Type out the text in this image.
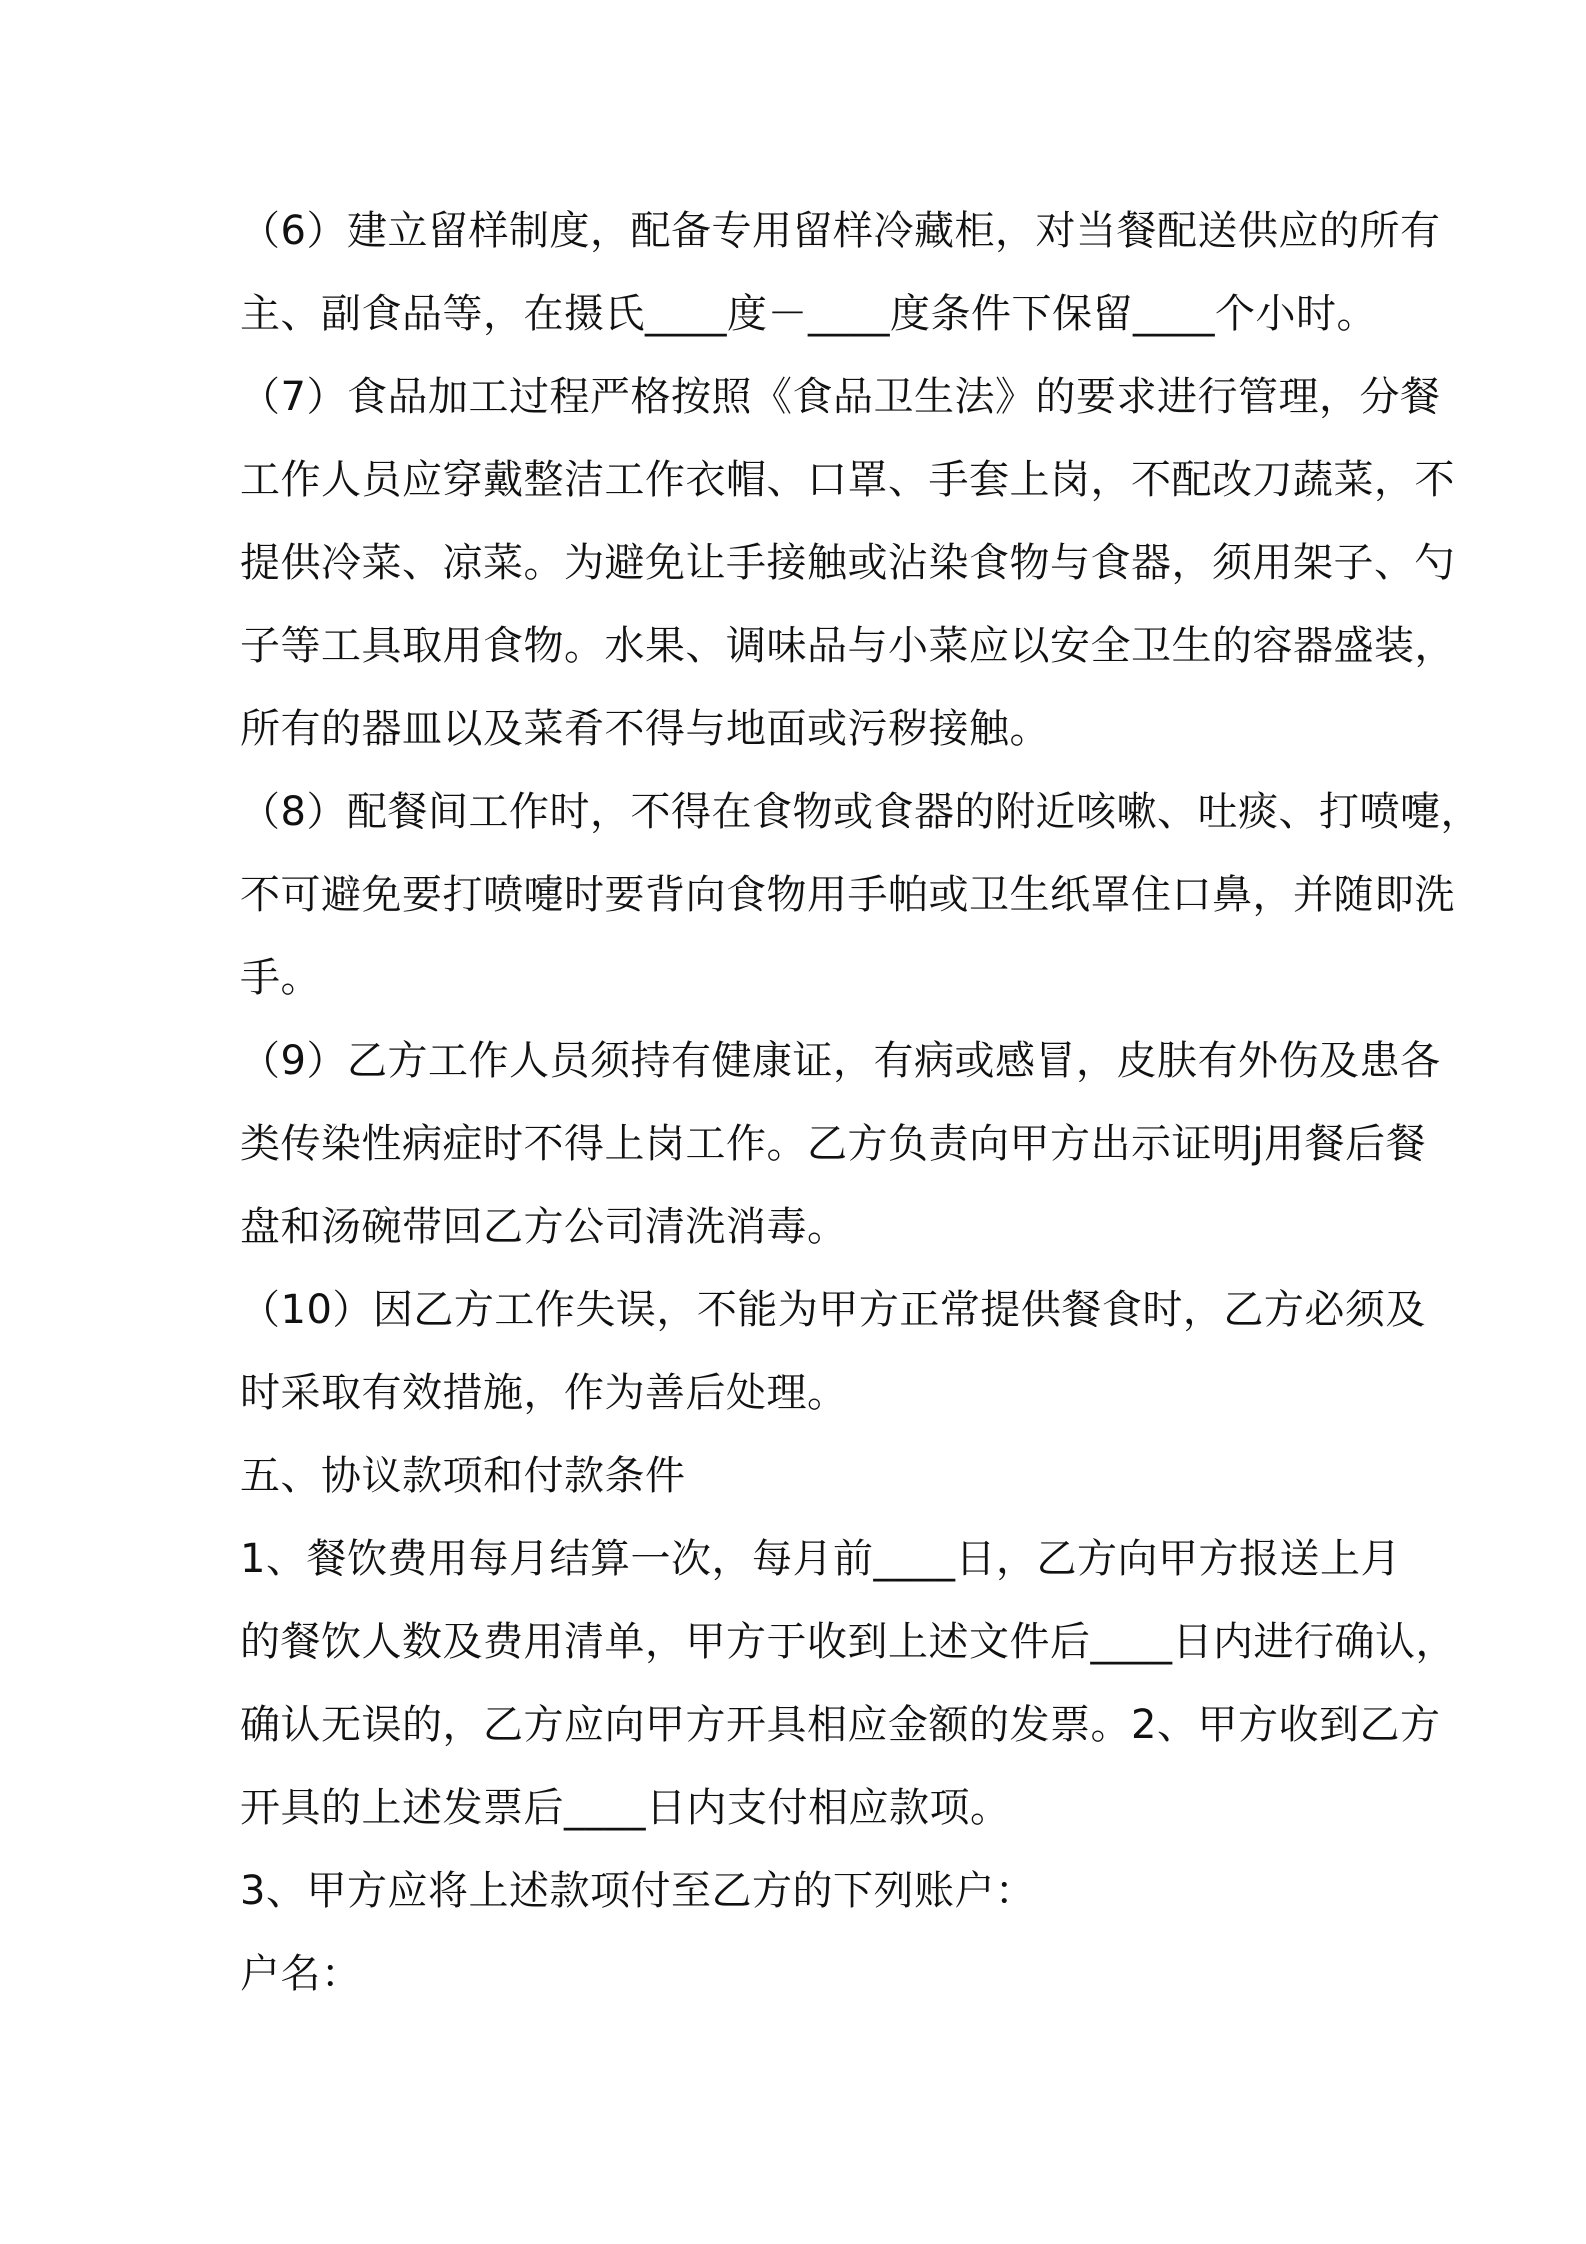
（6）建立留样制度，配备专用留样冷藏柜，对当餐配送供应的所有
主、副食品等，在摄氏____度－____度条件下保留____个小时。
（7）食品加工过程严格按照《食品卫生法》的要求进行管理，分餐
工作人员应穿戴整洁工作衣帽、口罩、手套上岗，不配改刀蔬菜，不
提供冷菜、凉菜。为避免让手接触或沾染食物与食器，须用架子、勺
子等工具取用食物。水果、调味品与小菜应以安全卫生的容器盛装，
所有的器皿以及菜肴不得与地面或污秽接触。
（8）配餐间工作时，不得在食物或食器的附近咳嗽、吐痰、打喷嚏，
不可避免要打喷嚏时要背向食物用手帕或卫生纸罩住口鼻，并随即洗
手。
（9）乙方工作人员须持有健康证，有病或感冒，皮肤有外伤及患各
类传染性病症时不得上岗工作。乙方负责向甲方出示证明j用餐后餐
盘和汤碗带回乙方公司清洗消毒。
（10）因乙方工作失误，不能为甲方正常提供餐食时，乙方必须及
时采取有效措施，作为善后处理。
五、协议款项和付款条件
1、餐饮费用每月结算一次，每月前____日，乙方向甲方报送上月
的餐饮人数及费用清单，甲方于收到上述文件后____日内进行确认，
确认无误的，乙方应向甲方开具相应金额的发票。2、甲方收到乙方
开具的上述发票后____日内支付相应款项。
3、甲方应将上述款项付至乙方的下列账户：
户名：
